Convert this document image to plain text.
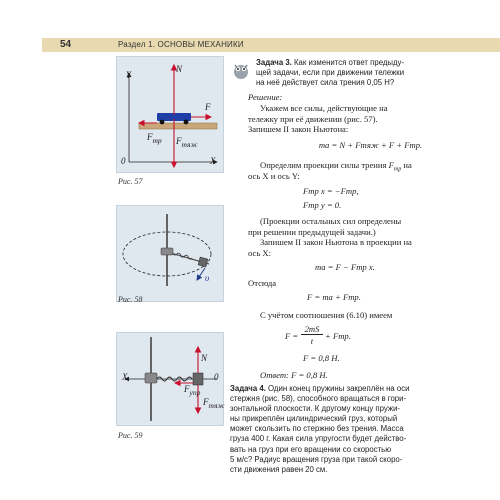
54	Раздел 1. ОСНОВЫ МЕХАНИКИ
Y
X
0
N
F
$F_{тр}$ $F_{тяж}$
Рис. 57
υ
Рис. 58
N
X	0
$F_{упр}$
$F_{тяж}$
Рис. 59
Задача 3. Как изменится ответ предыду-
щей задачи, если при движении тележки
на неё действует сила трения 0,05 Н?
Решение:
Укажем все силы, действующие на
тележку при её движении (рис. 57).
Запишем II закон Ньютона:
ma = N + Fтяж + F + Fтр.
Определим проекции силы трения $F_{тр}$ на
ось X и ось Y:
Fтр x = −Fтр,
Fтр y = 0.
(Проекции остальных сил определены
при решении предыдущей задачи.)
Запишем II закон Ньютона в проекции на
ось X:
ma = F − Fтр x.
Отсюда
F = ma + Fтр.
С учётом соотношения (6.10) имеем
F =
2mS
t	+ Fтр.
F = 0,8 Н.
Ответ: F = 0,8 Н.
Задача 4. Один конец пружины закреплён на оси
стержня (рис. 58), способного вращаться в гори-
зонтальной плоскости. К другому концу пружи-
ны прикреплён цилиндрический груз, который
может скользить по стержню без трения. Масса
груза 400 г. Какая сила упругости будет действо-
вать на груз при его вращении со скоростью
5 м/с? Радиус вращения груза при такой скоро-
сти движения равен 20 см.
